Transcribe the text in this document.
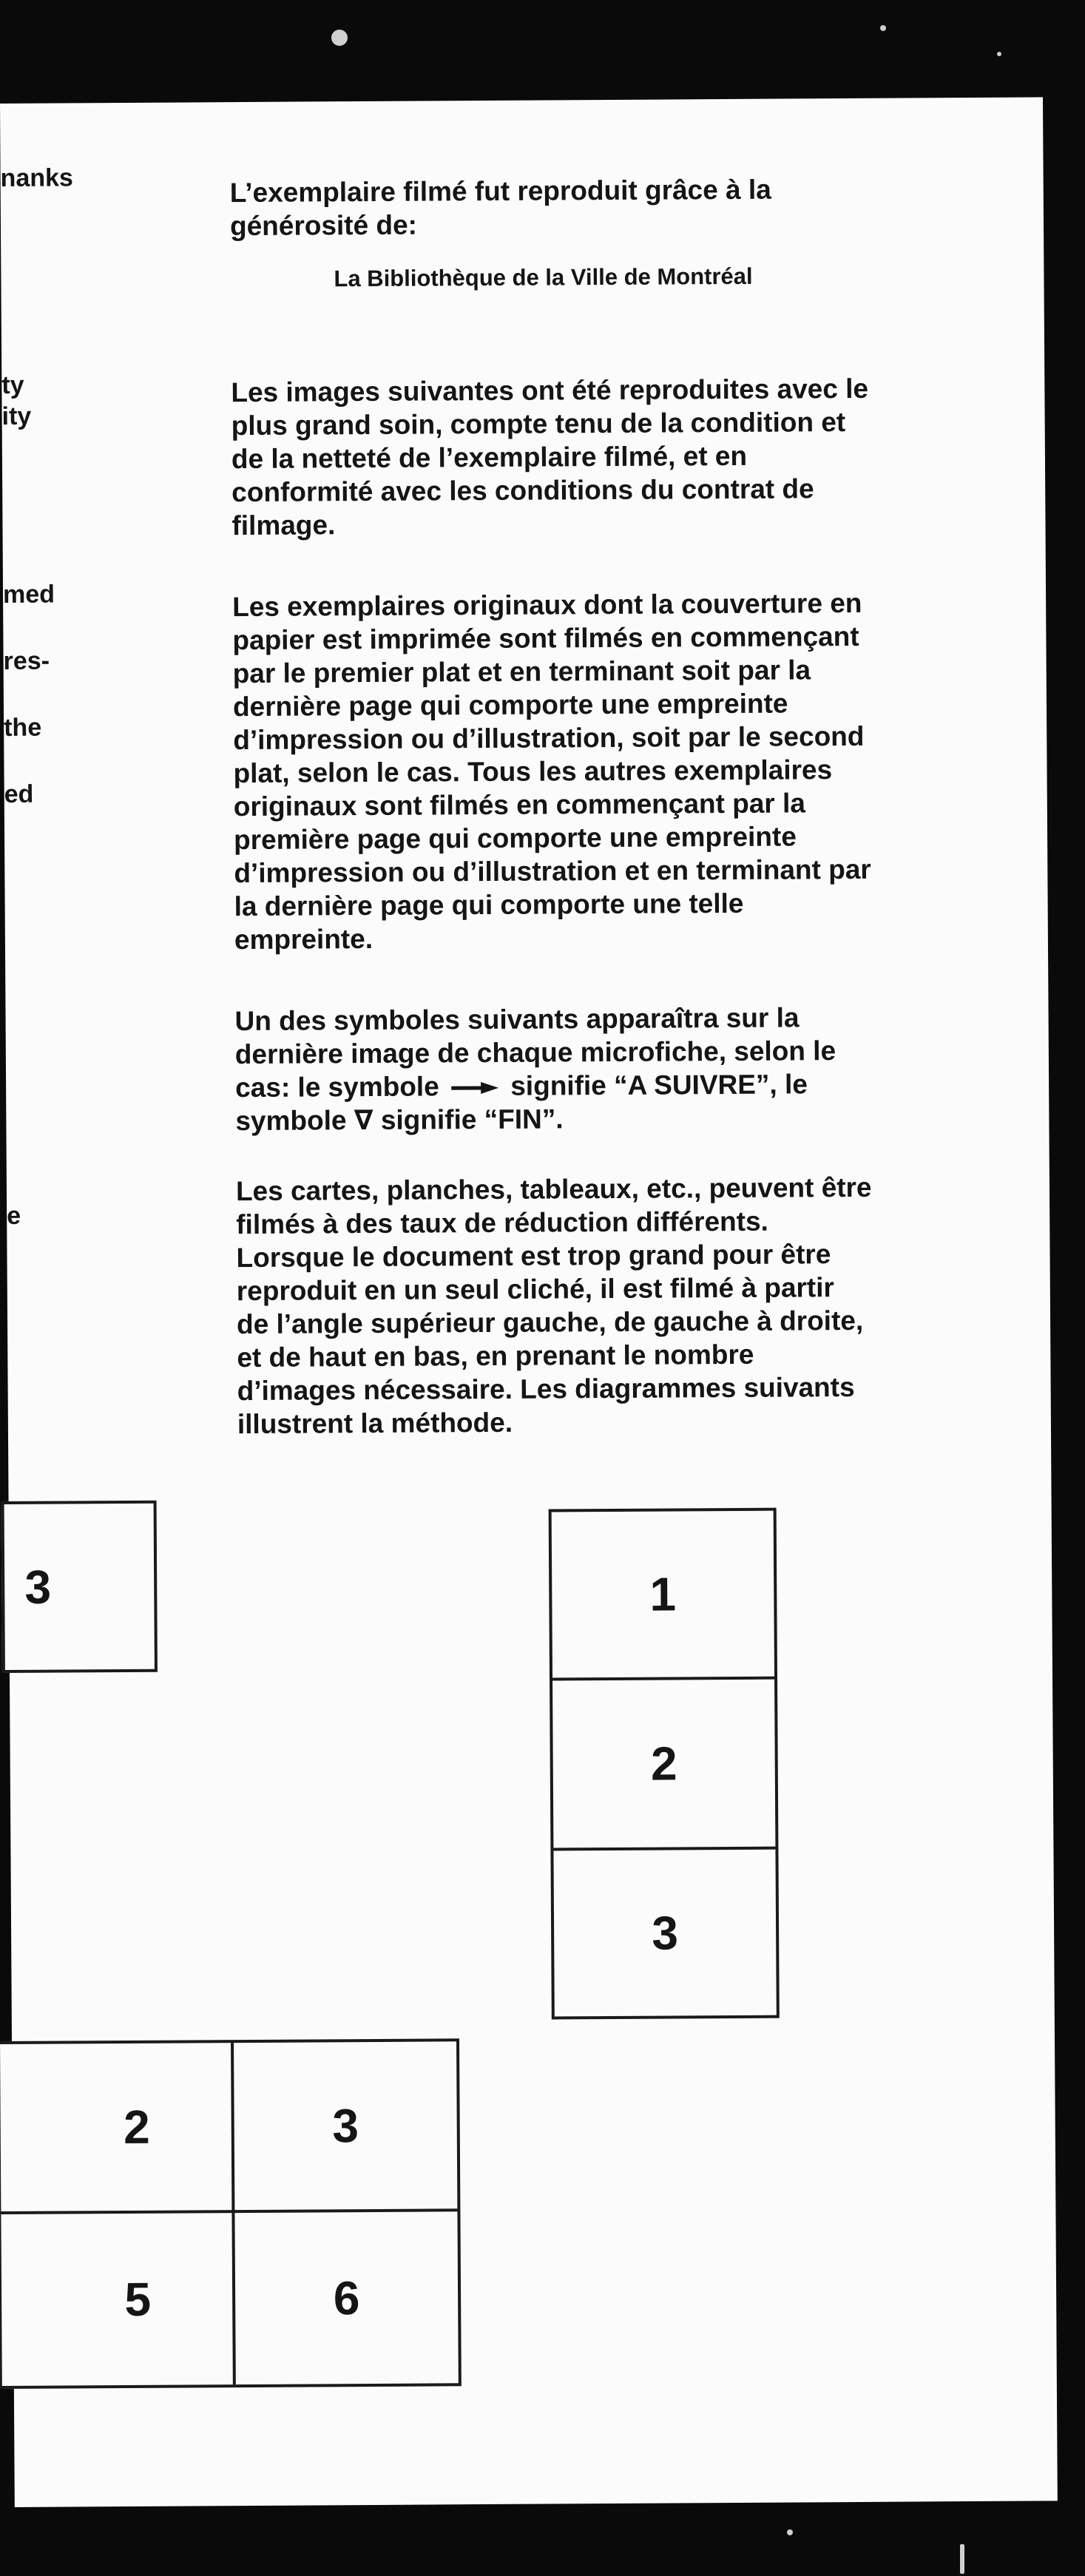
nanks
ty
ity
med
res-
the
ed
e
L’exemplaire filmé fut reproduit grâce à la
générosité de:
La Bibliothèque de la Ville de Montréal
Les images suivantes ont été reproduites avec le
plus grand soin, compte tenu de la condition et
de la netteté de l’exemplaire filmé, et en
conformité avec les conditions du contrat de
filmage.
Les exemplaires originaux dont la couverture en
papier est imprimée sont filmés en commençant
par le premier plat et en terminant soit par la
dernière page qui comporte une empreinte
d’impression ou d’illustration, soit par le second
plat, selon le cas. Tous les autres exemplaires
originaux sont filmés en commençant par la
première page qui comporte une empreinte
d’impression ou d’illustration et en terminant par
la dernière page qui comporte une telle
empreinte.
Un des symboles suivants apparaîtra sur la
dernière image de chaque microfiche, selon le
cas: le symbole	signifie “A SUIVRE”, le
symbole ∇ signifie “FIN”.
Les cartes, planches, tableaux, etc., peuvent être
filmés à des taux de réduction différents.
Lorsque le document est trop grand pour être
reproduit en un seul cliché, il est filmé à partir
de l’angle supérieur gauche, de gauche à droite,
et de haut en bas, en prenant le nombre
d’images nécessaire. Les diagrammes suivants
illustrent la méthode.
3	1
2
3
2	3
5	6
